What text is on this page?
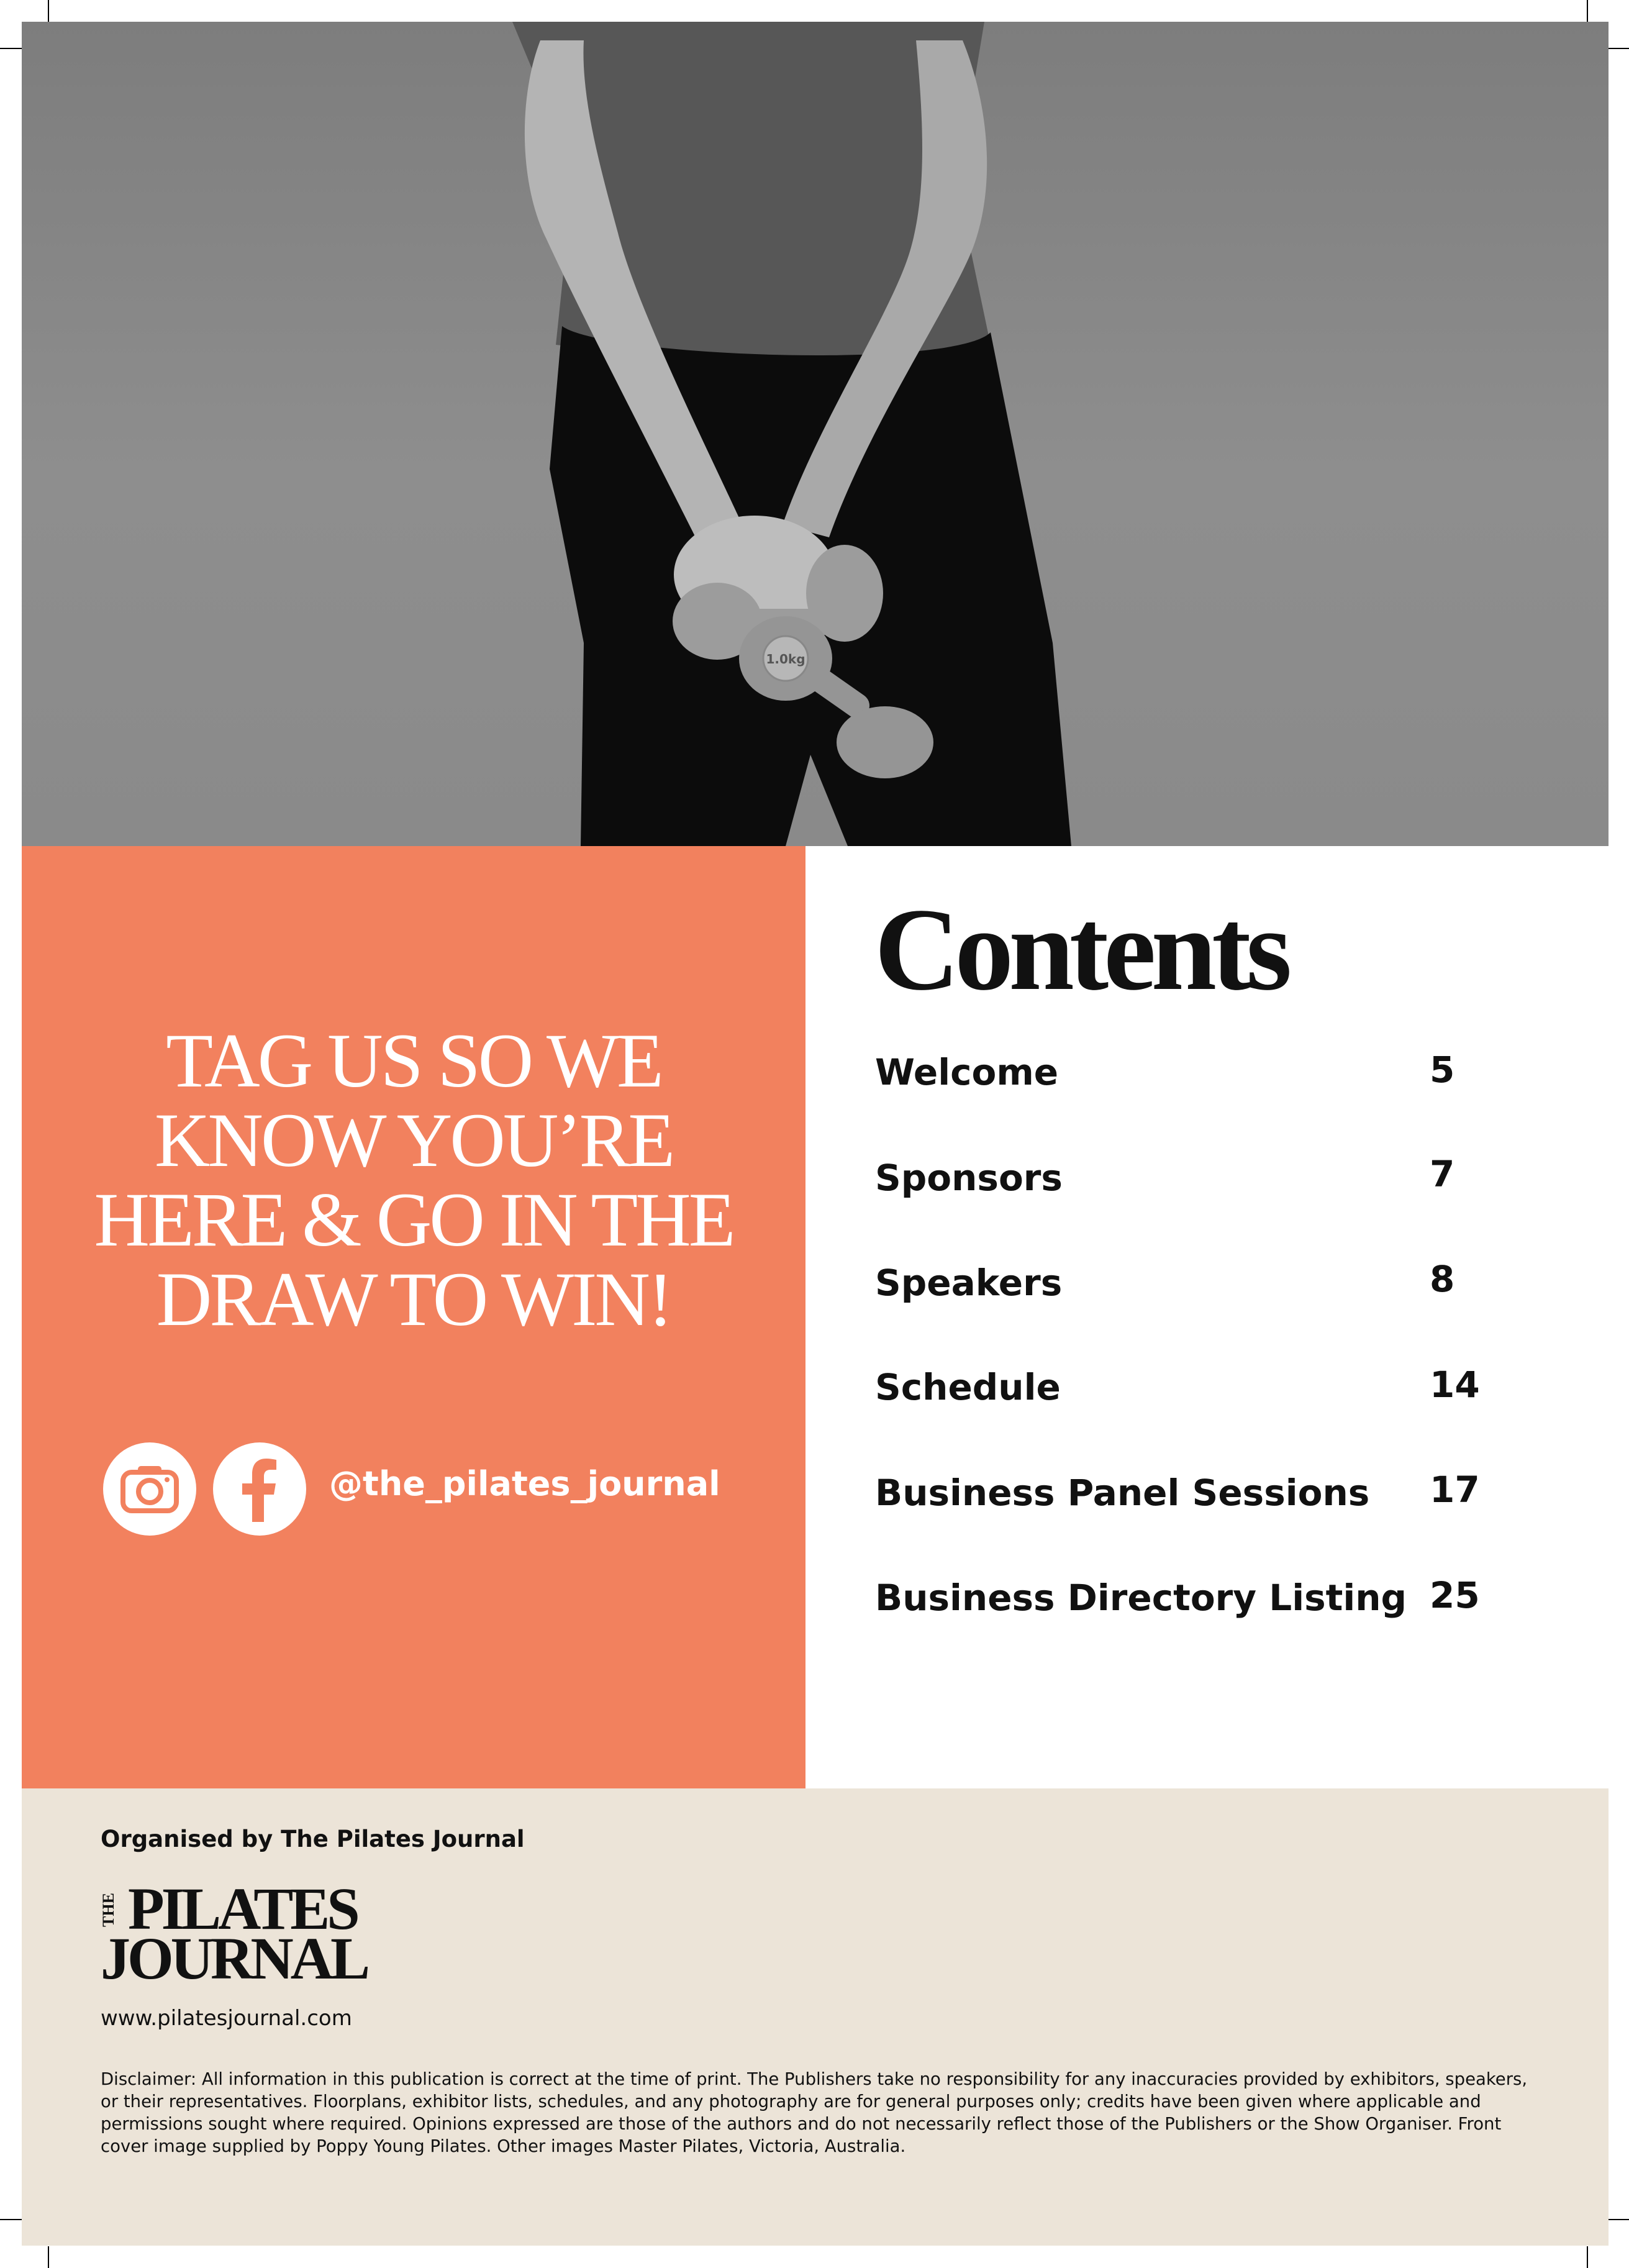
1.0kg
TAG US SO WE
KNOW YOU’RE
HERE & GO IN THE
DRAW TO WIN!
@the_pilates_journal
Contents
Welcome	5
Sponsors	7
Speakers	8
Schedule	14
Business Panel Sessions 17
Business Directory Listing 25
Organised by The Pilates Journal
THE PILATES
JOURNAL
www.pilatesjournal.com
Disclaimer: All information in this publication is correct at the time of print. The Publishers take no responsibility for any inaccuracies provided by exhibitors, speakers, or their representatives. Floorplans, exhibitor lists, schedules, and any photography are for general purposes only; credits have been given where applicable and permissions sought where required. Opinions expressed are those of the authors and do not necessarily reflect those of the Publishers or the Show Organiser. Front cover image supplied by Poppy Young Pilates. Other images Master Pilates, Victoria, Australia.
